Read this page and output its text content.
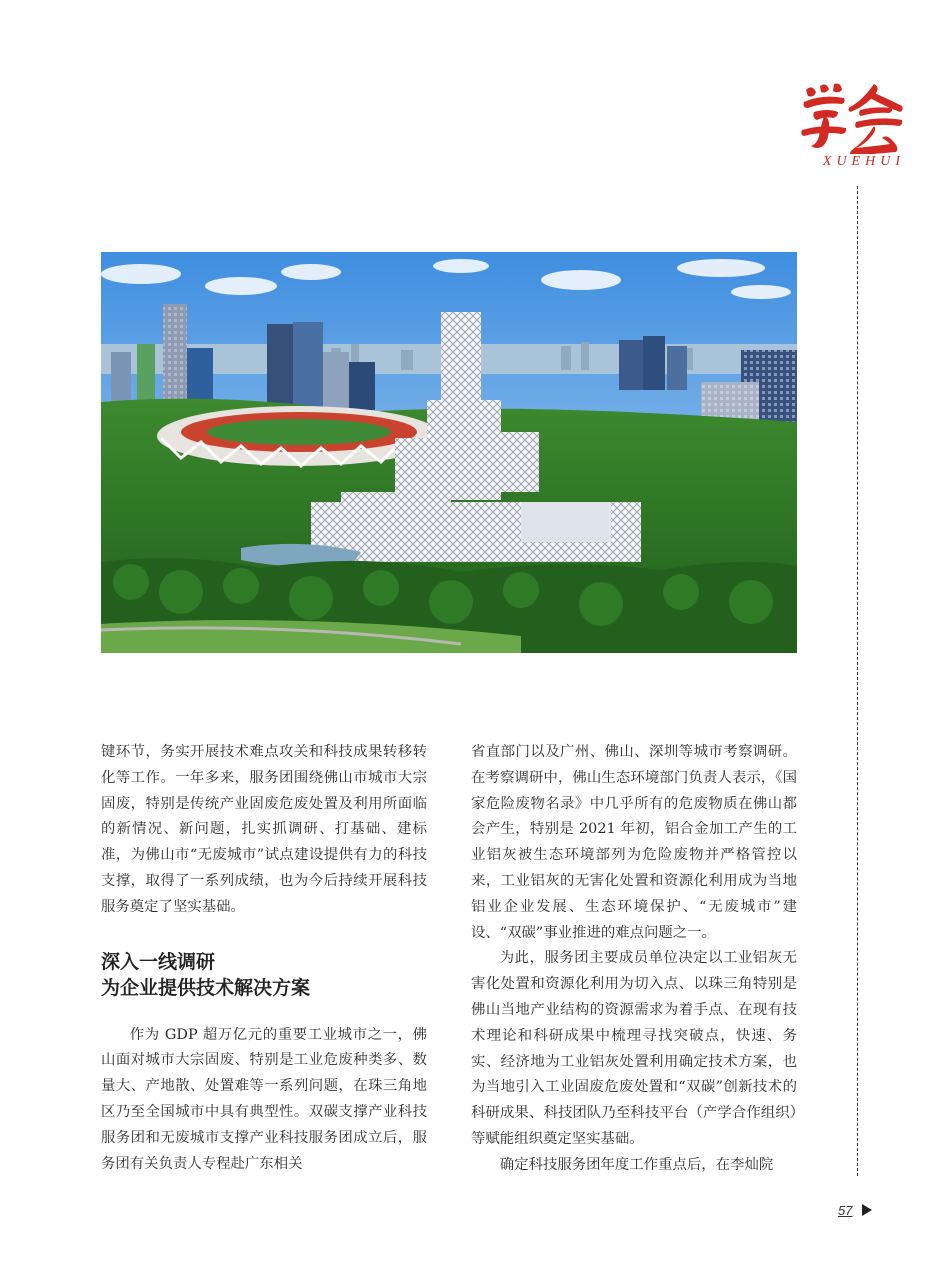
XUEHUI

键环节，务实开展技术难点攻关和科技成果转移转化等工作。一年多来，服务团围绕佛山市城市大宗固废，特别是传统产业固废危废处置及利用所面临的新情况、新问题，扎实抓调研、打基础、建标准，为佛山市“无废城市”试点建设提供有力的科技支撑，取得了一系列成绩，也为今后持续开展科技服务奠定了坚实基础。

深入一线调研
为企业提供技术解决方案

作为 GDP 超万亿元的重要工业城市之一，佛山面对城市大宗固废、特别是工业危废种类多、数量大、产地散、处置难等一系列问题，在珠三角地区乃至全国城市中具有典型性。双碳支撑产业科技服务团和无废城市支撑产业科技服务团成立后，服务团有关负责人专程赴广东相关

省直部门以及广州、佛山、深圳等城市考察调研。在考察调研中，佛山生态环境部门负责人表示，《国家危险废物名录》中几乎所有的危废物质在佛山都会产生，特别是 2021 年初，铝合金加工产生的工业铝灰被生态环境部列为危险废物并严格管控以来，工业铝灰的无害化处置和资源化利用成为当地铝业企业发展、生态环境保护、“无废城市”建设、“双碳”事业推进的难点问题之一。

为此，服务团主要成员单位决定以工业铝灰无害化处置和资源化利用为切入点、以珠三角特别是佛山当地产业结构的资源需求为着手点、在现有技术理论和科研成果中梳理寻找突破点，快速、务实、经济地为工业铝灰处置利用确定技术方案，也为当地引入工业固废危废处置和“双碳”创新技术的科研成果、科技团队乃至科技平台（产学合作组织）等赋能组织奠定坚实基础。

确定科技服务团年度工作重点后，在李灿院

57
